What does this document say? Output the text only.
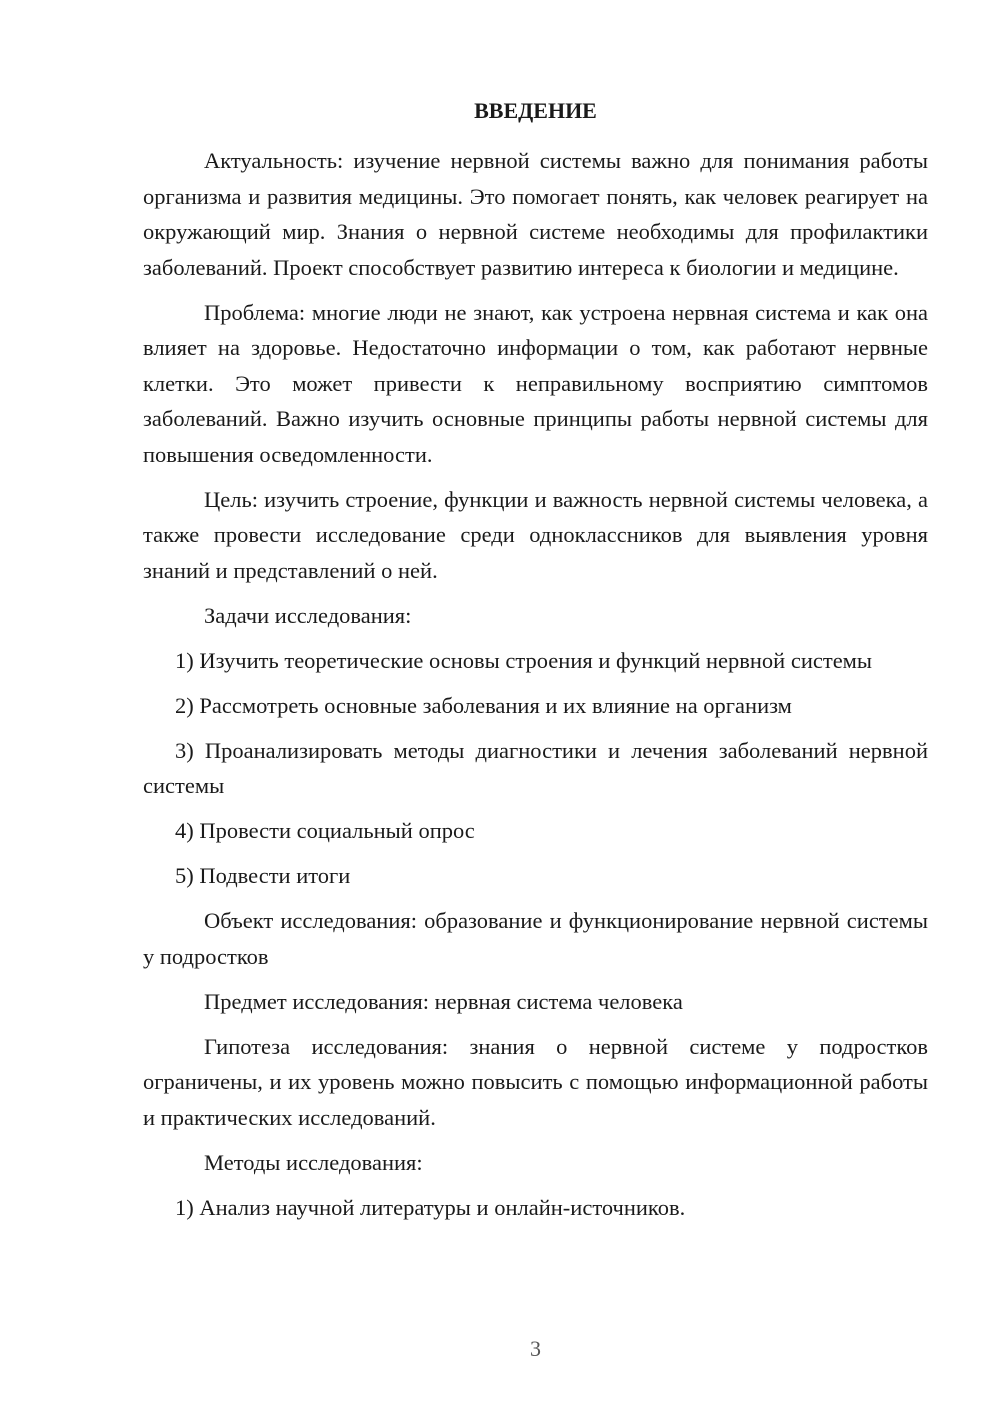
ВВЕДЕНИЕ

Актуальность: изучение нервной системы важно для понимания работы организма и развития медицины. Это помогает понять, как человек реагирует на окружающий мир. Знания о нервной системе необходимы для профилактики заболеваний. Проект способствует развитию интереса к биологии и медицине.

Проблема: многие люди не знают, как устроена нервная система и как она влияет на здоровье. Недостаточно информации о том, как работают нервные клетки. Это может привести к неправильному восприятию симптомов заболеваний. Важно изучить основные принципы работы нервной системы для повышения осведомленности.

Цель: изучить строение, функции и важность нервной системы человека, а также провести исследование среди одноклассников для выявления уровня знаний и представлений о ней.

Задачи исследования:

1) Изучить теоретические основы строения и функций нервной системы

2) Рассмотреть основные заболевания и их влияние на организм

3) Проанализировать методы диагностики и лечения заболеваний нервной системы

4) Провести социальный опрос

5) Подвести итоги

Объект исследования: образование и функционирование нервной системы у подростков

Предмет исследования: нервная система человека

Гипотеза исследования: знания о нервной системе у подростков ограничены, и их уровень можно повысить с помощью информационной работы и практических исследований.

Методы исследования:

1) Анализ научной литературы и онлайн-источников.

3
